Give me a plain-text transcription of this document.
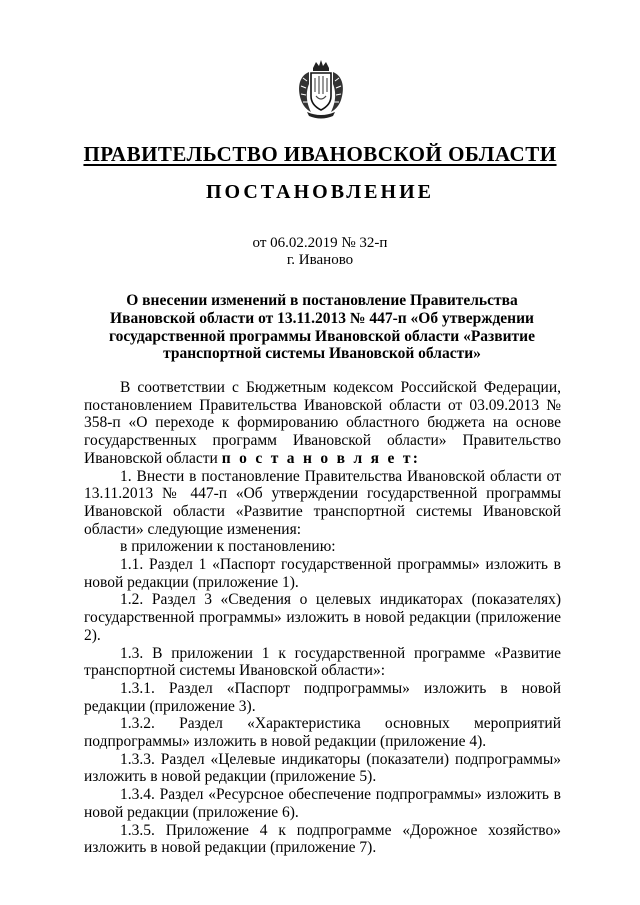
ПРАВИТЕЛЬСТВО ИВАНОВСКОЙ ОБЛАСТИ
ПОСТАНОВЛЕНИЕ
от 06.02.2019 № 32-п
г. Иваново
О внесении изменений в постановление Правительства
Ивановской области от 13.11.2013 № 447-п «Об утверждении
государственной программы Ивановской области «Развитие
транспортной системы Ивановской области»

В соответствии с Бюджетным кодексом Российской Федерации, постановлением Правительства Ивановской области от 03.09.2013 № 358-п «О переходе к формированию областного бюджета на основе государственных программ Ивановской области» Правительство Ивановской области п о с т а н о в л я е т:

1. Внести в постановление Правительства Ивановской области от 13.11.2013 № 447-п «Об утверждении государственной программы Ивановской области «Развитие транспортной системы Ивановской области» следующие изменения:

в приложении к постановлению:

1.1. Раздел 1 «Паспорт государственной программы» изложить в новой редакции (приложение 1).

1.2. Раздел 3 «Сведения о целевых индикаторах (показателях) государственной программы» изложить в новой редакции (приложение 2).

1.3. В приложении 1 к государственной программе «Развитие транспортной системы Ивановской области»:

1.3.1. Раздел «Паспорт подпрограммы» изложить в новой редакции (приложение 3).

1.3.2. Раздел «Характеристика основных мероприятий подпрограммы» изложить в новой редакции (приложение 4).

1.3.3. Раздел «Целевые индикаторы (показатели) подпрограммы» изложить в новой редакции (приложение 5).

1.3.4. Раздел «Ресурсное обеспечение подпрограммы» изложить в новой редакции (приложение 6).

1.3.5. Приложение 4 к подпрограмме «Дорожное хозяйство» изложить в новой редакции (приложение 7).
